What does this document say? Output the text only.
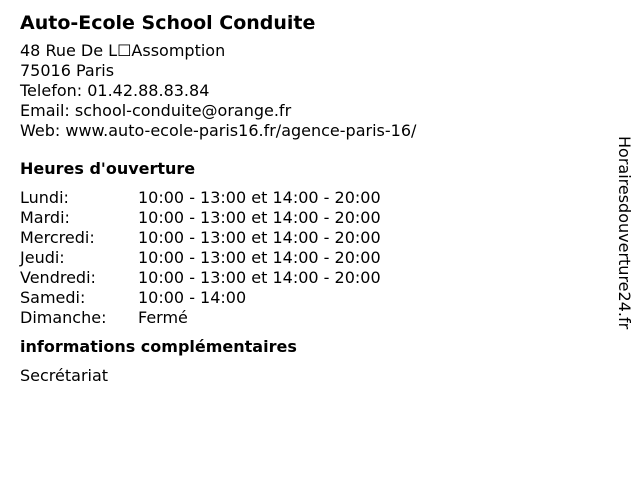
Auto-Ecole School Conduite
48 Rue De L☐Assomption
75016 Paris
Telefon: 01.42.88.83.84
Email: school-conduite@orange.fr
Web: www.auto-ecole-paris16.fr/agence-paris-16/
Heures d'ouverture
Lundi:	10:00 - 13:00 et 14:00 - 20:00
Mardi:	10:00 - 13:00 et 14:00 - 20:00
Mercredi:	10:00 - 13:00 et 14:00 - 20:00
Jeudi:	10:00 - 13:00 et 14:00 - 20:00
Vendredi:	10:00 - 13:00 et 14:00 - 20:00
Samedi:	10:00 - 14:00
Dimanche:	Fermé
informations complémentaires
Secrétariat
Horairesdouverture24.fr
